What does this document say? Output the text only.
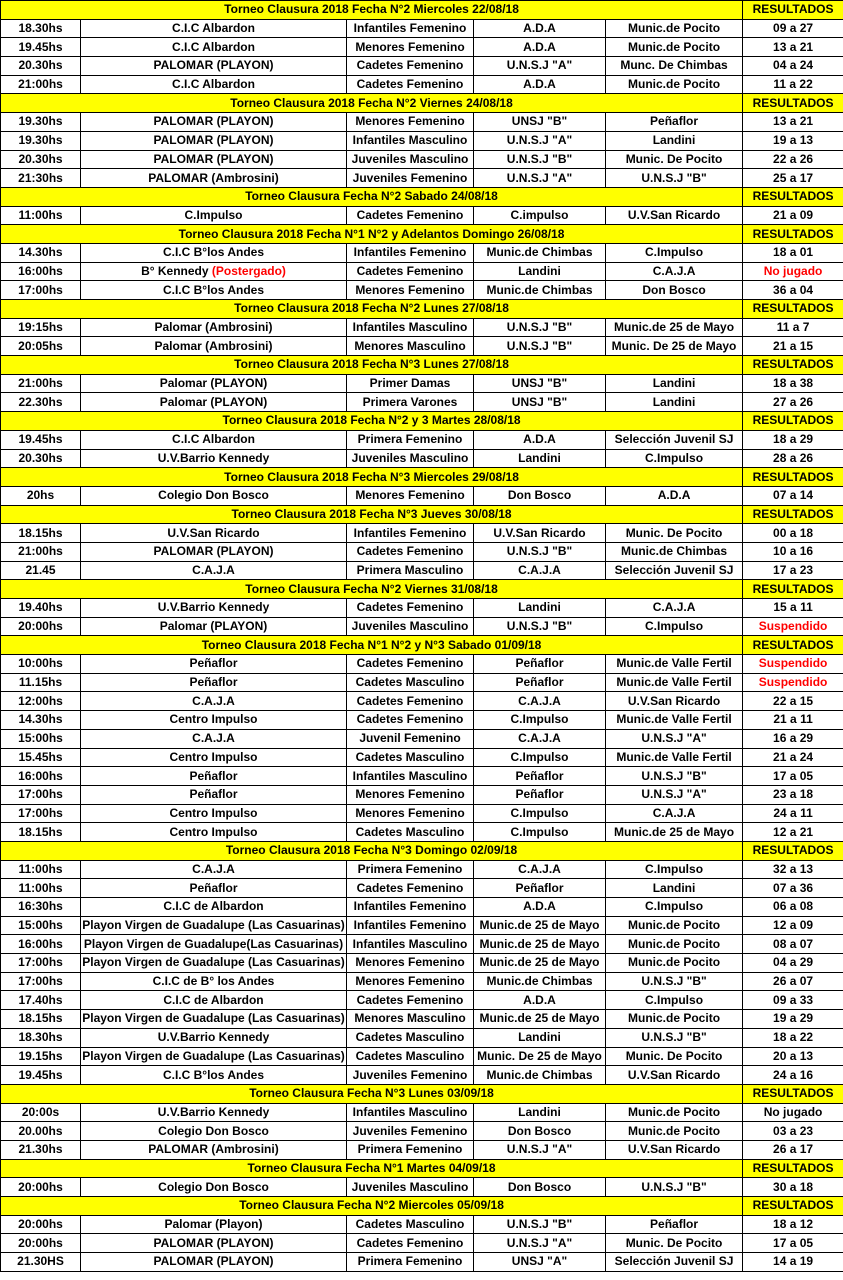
Torneo Clausura 2018 Fecha N°2 Miercoles 22/08/18					RESULTADOS
18.30hs	C.I.C Albardon	Infantiles Femenino	A.D.A	Munic.de Pocito	09 a 27
19.45hs	C.I.C Albardon	Menores Femenino	A.D.A	Munic.de Pocito	13 a 21
20.30hs	PALOMAR (PLAYON)	Cadetes Femenino	U.N.S.J "A"	Munc. De Chimbas	04 a 24
21:00hs	C.I.C Albardon	Cadetes Femenino	A.D.A	Munic.de Pocito	11 a 22
Torneo Clausura 2018 Fecha N°2 Viernes 24/08/18					RESULTADOS
19.30hs	PALOMAR (PLAYON)	Menores Femenino	UNSJ "B"	Peñaflor	13 a 21
19.30hs	PALOMAR (PLAYON)	Infantiles Masculino	U.N.S.J "A"	Landini	19 a 13
20.30hs	PALOMAR (PLAYON)	Juveniles Masculino	U.N.S.J "B"	Munic. De Pocito	22 a 26
21:30hs	PALOMAR (Ambrosini)	Juveniles Femenino	U.N.S.J "A"	U.N.S.J "B"	25 a 17
Torneo Clausura Fecha N°2 Sabado 24/08/18					RESULTADOS
11:00hs	C.Impulso	Cadetes Femenino	C.impulso	U.V.San Ricardo	21 a 09
Torneo Clausura 2018 Fecha N°1 N°2 y Adelantos Domingo 26/08/18					RESULTADOS
14.30hs	C.I.C B°los Andes	Infantiles Femenino	Munic.de Chimbas	C.Impulso	18 a 01
16:00hs	B° Kennedy (Postergado)	Cadetes Femenino	Landini	C.A.J.A	No jugado
17:00hs	C.I.C B°los Andes	Menores Femenino	Munic.de Chimbas	Don Bosco	36 a 04
Torneo Clausura 2018 Fecha N°2 Lunes 27/08/18					RESULTADOS
19:15hs	Palomar (Ambrosini)	Infantiles Masculino	U.N.S.J "B"	Munic.de 25 de Mayo	11 a 7
20:05hs	Palomar (Ambrosini)	Menores Masculino	U.N.S.J "B"	Munic. De 25 de Mayo	21 a 15
Torneo Clausura 2018 Fecha N°3 Lunes 27/08/18					RESULTADOS
21:00hs	Palomar (PLAYON)	Primer Damas	UNSJ "B"	Landini	18 a 38
22.30hs	Palomar (PLAYON)	Primera Varones	UNSJ "B"	Landini	27 a 26
Torneo Clausura 2018 Fecha N°2 y 3 Martes 28/08/18					RESULTADOS
19.45hs	C.I.C Albardon	Primera Femenino	A.D.A	Selección Juvenil SJ	18 a 29
20.30hs	U.V.Barrio Kennedy	Juveniles Masculino	Landini	C.Impulso	28 a 26
Torneo Clausura 2018 Fecha N°3 Miercoles 29/08/18					RESULTADOS
20hs	Colegio Don Bosco	Menores Femenino	Don Bosco	A.D.A	07 a 14
Torneo Clausura 2018 Fecha N°3 Jueves 30/08/18					RESULTADOS
18.15hs	U.V.San Ricardo	Infantiles Femenino	U.V.San Ricardo	Munic. De Pocito	00 a 18
21:00hs	PALOMAR (PLAYON)	Cadetes Femenino	U.N.S.J "B"	Munic.de Chimbas	10 a 16
21.45	C.A.J.A	Primera Masculino	C.A.J.A	Selección Juvenil SJ	17 a 23
Torneo Clausura Fecha N°2 Viernes 31/08/18					RESULTADOS
19.40hs	U.V.Barrio Kennedy	Cadetes Femenino	Landini	C.A.J.A	15 a 11
20:00hs	Palomar (PLAYON)	Juveniles Masculino	U.N.S.J "B"	C.Impulso	Suspendido
Torneo Clausura 2018 Fecha N°1 N°2 y N°3 Sabado 01/09/18					RESULTADOS
10:00hs	Peñaflor	Cadetes Femenino	Peñaflor	Munic.de Valle Fertil	Suspendido
11.15hs	Peñaflor	Cadetes Masculino	Peñaflor	Munic.de Valle Fertil	Suspendido
12:00hs	C.A.J.A	Cadetes Femenino	C.A.J.A	U.V.San Ricardo	22 a 15
14.30hs	Centro Impulso	Cadetes Femenino	C.Impulso	Munic.de Valle Fertil	21 a 11
15:00hs	C.A.J.A	Juvenil Femenino	C.A.J.A	U.N.S.J "A"	16 a 29
15.45hs	Centro Impulso	Cadetes Masculino	C.Impulso	Munic.de Valle Fertil	21 a 24
16:00hs	Peñaflor	Infantiles Masculino	Peñaflor	U.N.S.J "B"	17 a 05
17:00hs	Peñaflor	Menores Femenino	Peñaflor	U.N.S.J "A"	23 a 18
17:00hs	Centro Impulso	Menores Femenino	C.Impulso	C.A.J.A	24 a 11
18.15hs	Centro Impulso	Cadetes Masculino	C.Impulso	Munic.de 25 de Mayo	12 a 21
Torneo Clausura 2018 Fecha N°3 Domingo 02/09/18					RESULTADOS
11:00hs	C.A.J.A	Primera Femenino	C.A.J.A	C.Impulso	32 a 13
11:00hs	Peñaflor	Cadetes Femenino	Peñaflor	Landini	07 a 36
16:30hs	C.I.C de Albardon	Infantiles Femenino	A.D.A	C.Impulso	06 a 08
15:00hs	Playon Virgen de Guadalupe (Las Casuarinas)	Infantiles Femenino	Munic.de 25 de Mayo	Munic.de Pocito	12 a 09
16:00hs	Playon Virgen de Guadalupe(Las Casuarinas)	Infantiles Masculino	Munic.de 25 de Mayo	Munic.de Pocito	08 a 07
17:00hs	Playon Virgen de Guadalupe (Las Casuarinas)	Menores Femenino	Munic.de 25 de Mayo	Munic.de Pocito	04 a 29
17:00hs	C.I.C de B° los Andes	Menores Femenino	Munic.de Chimbas	U.N.S.J "B"	26 a 07
17.40hs	C.I.C de Albardon	Cadetes Femenino	A.D.A	C.Impulso	09 a 33
18.15hs	Playon Virgen de Guadalupe (Las Casuarinas)	Menores Masculino	Munic.de 25 de Mayo	Munic.de Pocito	19 a 29
18.30hs	U.V.Barrio Kennedy	Cadetes Masculino	Landini	U.N.S.J "B"	18 a 22
19.15hs	Playon Virgen de Guadalupe (Las Casuarinas)	Cadetes Masculino	Munic. De 25 de Mayo	Munic. De Pocito	20 a 13
19.45hs	C.I.C B°los Andes	Juveniles Femenino	Munic.de Chimbas	U.V.San Ricardo	24 a 16
Torneo Clausura Fecha N°3 Lunes 03/09/18					RESULTADOS
20:00s	U.V.Barrio Kennedy	Infantiles Masculino	Landini	Munic.de Pocito	No jugado
20.00hs	Colegio Don Bosco	Juveniles Femenino	Don Bosco	Munic.de Pocito	03 a 23
21.30hs	PALOMAR (Ambrosini)	Primera Femenino	U.N.S.J "A"	U.V.San Ricardo	26 a 17
Torneo Clausura Fecha N°1 Martes 04/09/18					RESULTADOS
20:00hs	Colegio Don Bosco	Juveniles Masculino	Don Bosco	U.N.S.J "B"	30 a 18
Torneo Clausura Fecha N°2 Miercoles 05/09/18					RESULTADOS
20:00hs	Palomar (Playon)	Cadetes Masculino	U.N.S.J "B"	Peñaflor	18 a 12
20:00hs	PALOMAR (PLAYON)	Cadetes Femenino	U.N.S.J "A"	Munic. De Pocito	17 a 05
21.30HS	PALOMAR (PLAYON)	Primera Femenino	UNSJ "A"	Selección Juvenil SJ	14 a 19
